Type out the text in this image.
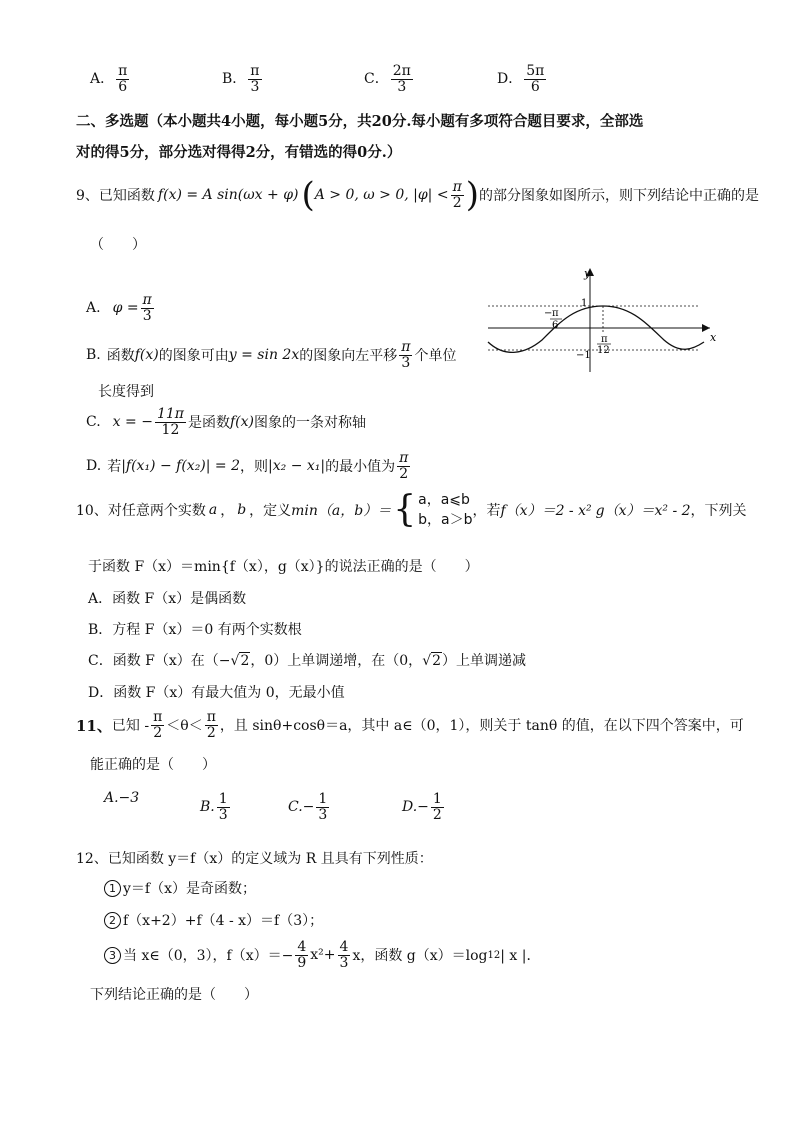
A． $\frac{\pi}{6}$	B． $\frac{\pi}{3}$	C． $\frac{2\pi}{3}$	D． $\frac{5\pi}{6}$
二、多选题（本小题共4小题，每小题5分，共20分.每小题有多项符合题目要求，全部选
对的得5分，部分选对得得2分，有错选的得0分.）
9、已知函数 f(x) = A sin(ωx + φ) ( A > 0, ω > 0, $|\varphi| < \frac{\pi}{2}$ ) 的部分图象如图所示，则下列结论中正确的是
（　　）
A. $\varphi = \frac{\pi}{3}$
B. 函数 f(x) 的图象可由 y = sin 2x 的图象向左平移 $\frac{\pi}{3}$ 个单位
长度得到
C. x = − $\frac{11\pi}{12}$ 是函数 f(x) 图象的一条对称轴
D. 若 |f(x₁) − f(x₂)| = 2 ，则 |x₂ − x₁| 的最小值为 $\frac{\pi}{2}$
y
x
1
−1
− π
6
π
12
10、对任意两个实数 a ， b ，定义 min（a，b）＝ { a，a⩽b
b，a＞b
，若 f（x）＝2 - x² g（x）＝x² - 2 ，下列关
于函数 F（x）＝min{f（x），g（x）}的说法正确的是（　　）
A．函数 F（x）是偶函数
B．方程 F（x）＝0 有两个实数根
C．函数 F（x）在（−√2，0）上单调递增，在（0，√2）上单调递减
D．函数 F（x）有最大值为 0，无最小值
11、 已知 - $\frac{\pi}{2} <\theta< \frac{\pi}{2}$ ，且 sinθ+cosθ＝a，其中 a∈（0，1），则关于 tanθ 的值，在以下四个答案中，可
能正确的是（　　）
A.−3
B. $\frac{1}{3}$	$C.- \frac{1}{3}$	$D.- \frac{1}{2}$
12、已知函数 y＝f（x）的定义域为 R 且具有下列性质：
1 y＝f（x）是奇函数；
2 f（x+2）+f（4 - x）＝f（3）；
3 当 x∈（0，3），$f(x)=- \frac{4}{9} x^2+ \frac{4}{3}$ x，函数 g（x）＝log 12 | x |．
下列结论正确的是（　　）
